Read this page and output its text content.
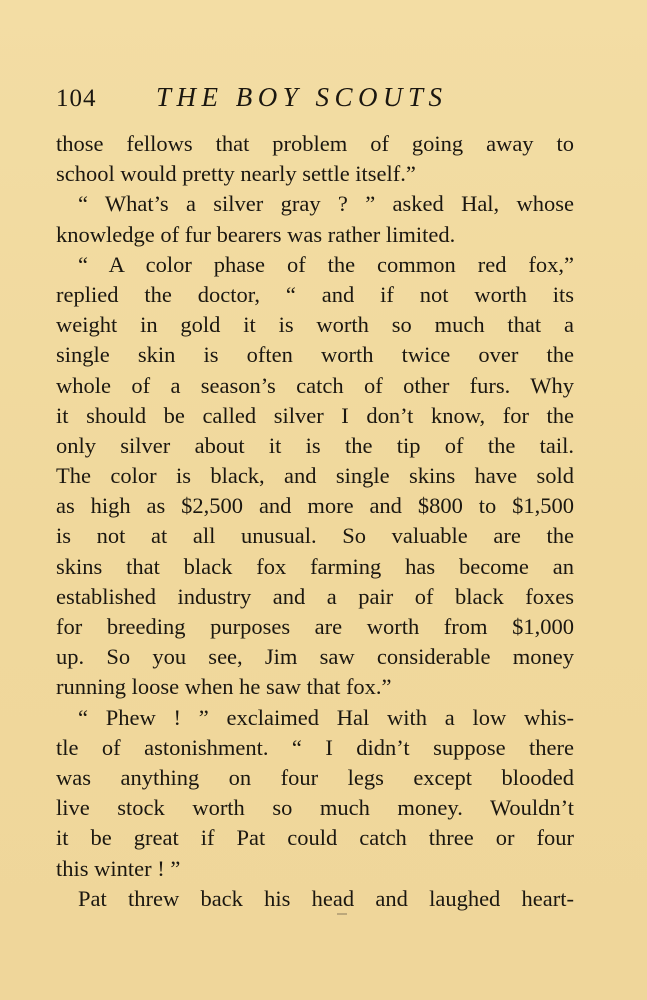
104 THE BOY SCOUTS
those fellows that problem of going away to
school would pretty nearly settle itself.”
“ What’s a silver gray ? ” asked Hal, whose
knowledge of fur bearers was rather limited.
“ A color phase of the common red fox,”
replied the doctor, “ and if not worth its
weight in gold it is worth so much that a
single skin is often worth twice over the
whole of a season’s catch of other furs. Why
it should be called silver I don’t know, for the
only silver about it is the tip of the tail.
The color is black, and single skins have sold
as high as $2,500 and more and $800 to $1,500
is not at all unusual. So valuable are the
skins that black fox farming has become an
established industry and a pair of black foxes
for breeding purposes are worth from $1,000
up. So you see, Jim saw considerable money
running loose when he saw that fox.”
“ Phew ! ” exclaimed Hal with a low whis-
tle of astonishment. “ I didn’t suppose there
was anything on four legs except blooded
live stock worth so much money. Wouldn’t
it be great if Pat could catch three or four
this winter ! ”
Pat threw back his head and laughed heart-
